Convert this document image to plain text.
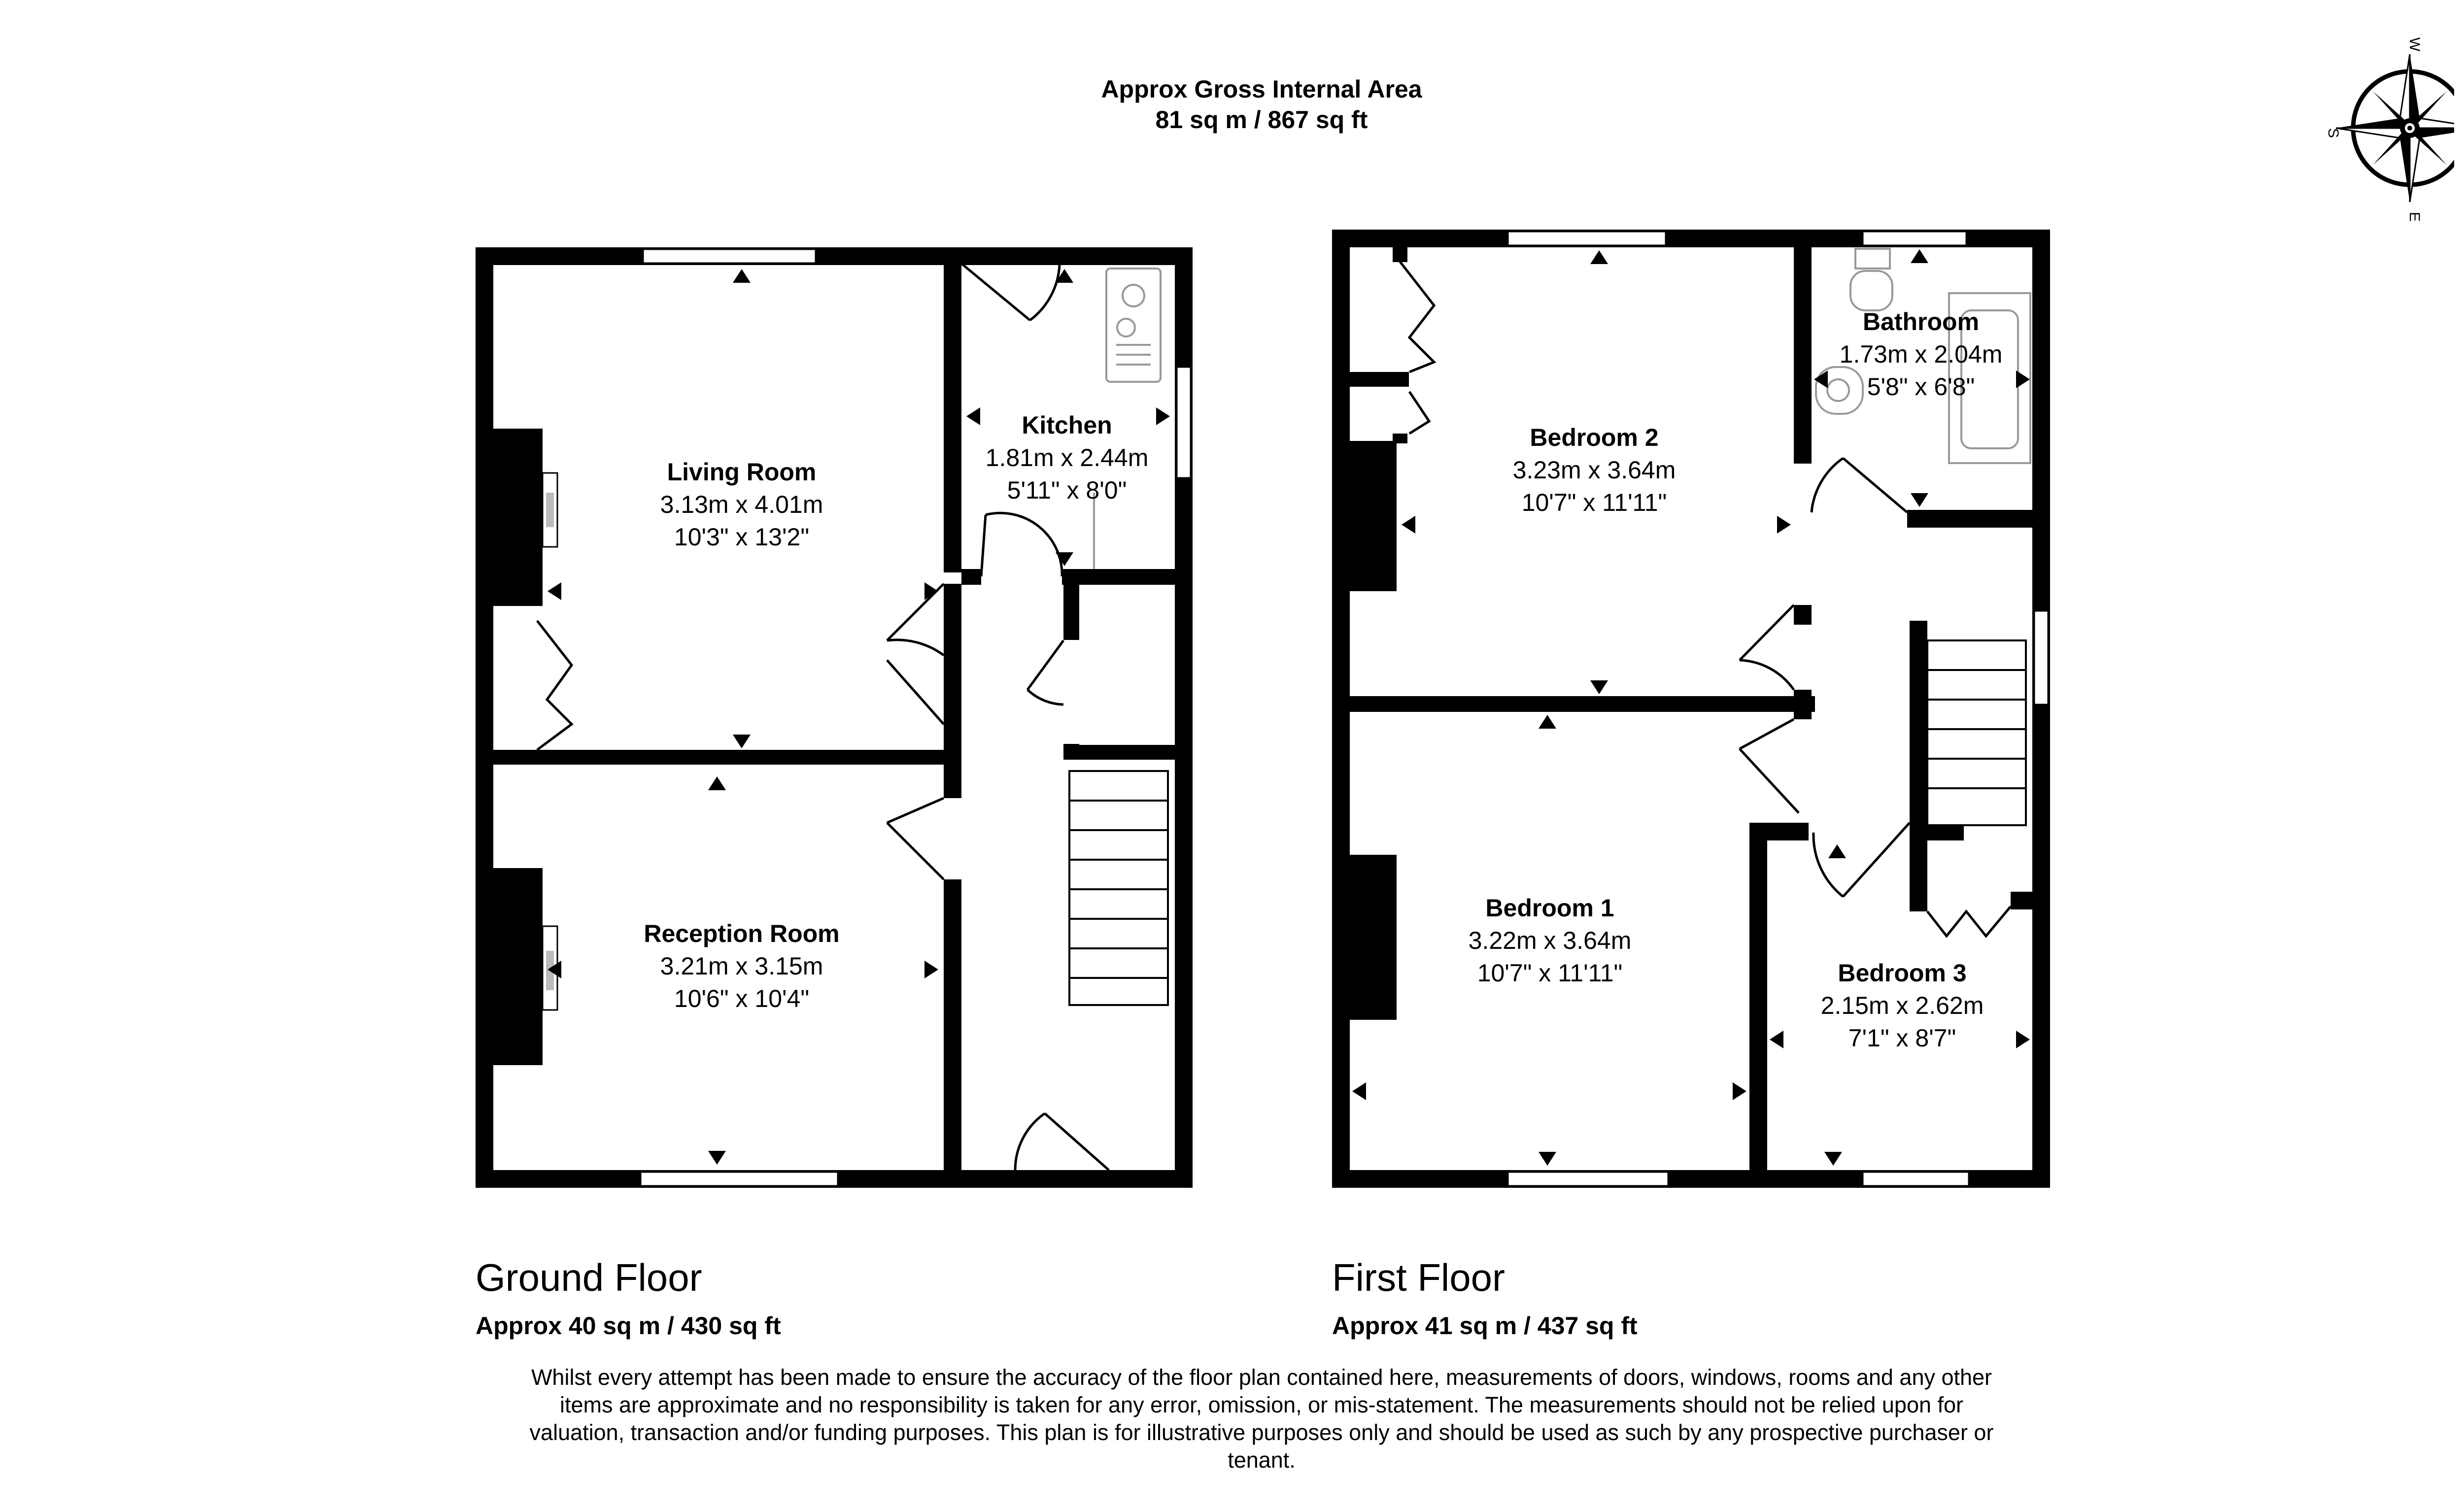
Approx Gross Internal Area
81 sq m / 867 sq ft
Living Room
3.13m x 4.01m
10'3" x 13'2"
Kitchen
1.81m x 2.44m
5'11" x 8'0"
Reception Room
3.21m x 3.15m
10'6" x 10'4"
Bathroom
1.73m x 2.04m
5'8" x 6'8"
Bedroom 2
3.23m x 3.64m
10'7" x 11'11"
Bedroom 1
3.22m x 3.64m
10'7" x 11'11"	Bedroom 3
2.15m x 2.62m
7'1" x 8'7"
Ground Floor
Approx 40 sq m / 430 sq ft
First Floor
Approx 41 sq m / 437 sq ft
Whilst every attempt has been made to ensure the accuracy of the floor plan contained here, measurements of doors, windows, rooms and any other items are approximate and no responsibility is taken for any error, omission, or mis-statement. The measurements should not be relied upon for valuation, transaction and/or funding purposes. This plan is for illustrative purposes only and should be used as such by any prospective purchaser or tenant.
W
E
S
